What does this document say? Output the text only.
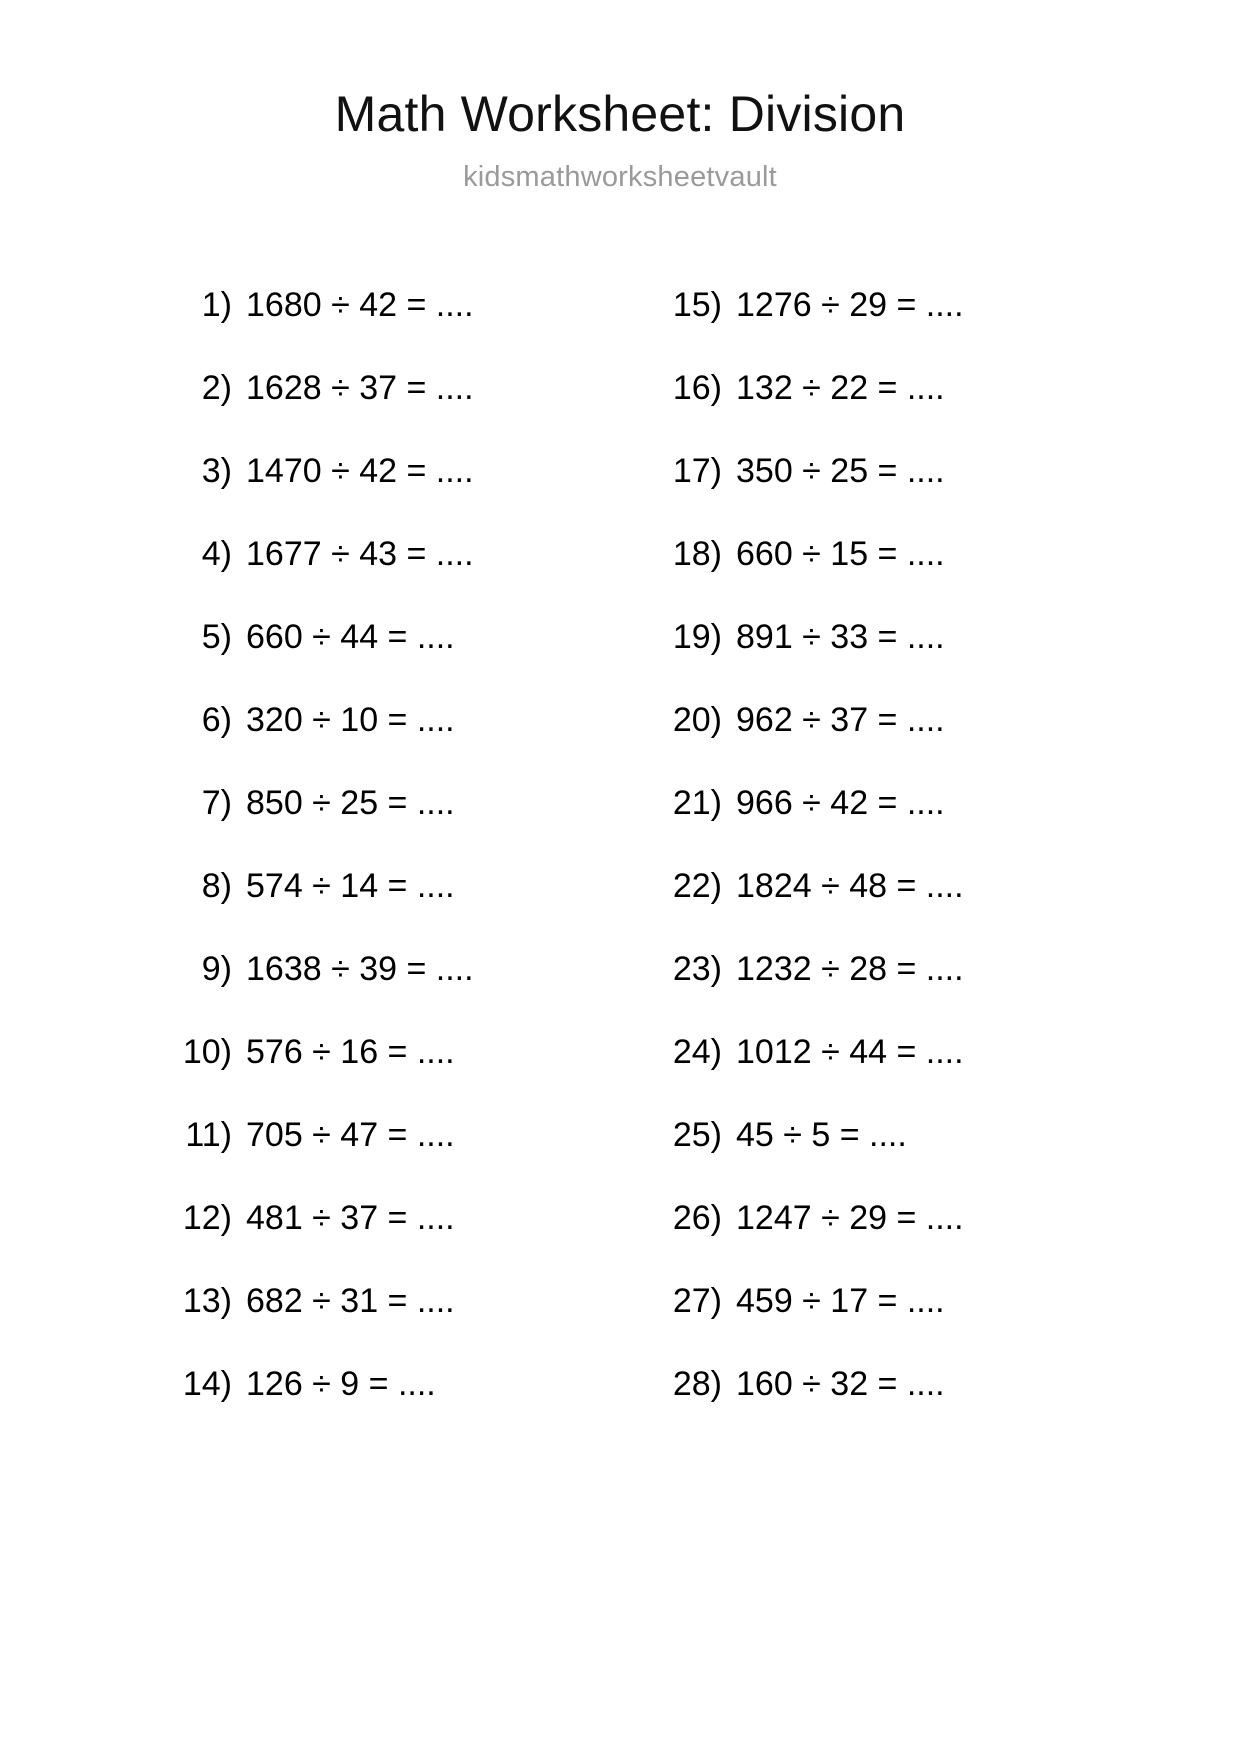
Math Worksheet: Division
kidsmathworksheetvault
1) 1680 ÷ 42 = ....
2) 1628 ÷ 37 = ....
3) 1470 ÷ 42 = ....
4) 1677 ÷ 43 = ....
5) 660 ÷ 44 = ....
6) 320 ÷ 10 = ....
7) 850 ÷ 25 = ....
8) 574 ÷ 14 = ....
9) 1638 ÷ 39 = ....
10) 576 ÷ 16 = ....
11) 705 ÷ 47 = ....
12) 481 ÷ 37 = ....
13) 682 ÷ 31 = ....
14) 126 ÷ 9 = ....
15) 1276 ÷ 29 = ....
16) 132 ÷ 22 = ....
17) 350 ÷ 25 = ....
18) 660 ÷ 15 = ....
19) 891 ÷ 33 = ....
20) 962 ÷ 37 = ....
21) 966 ÷ 42 = ....
22) 1824 ÷ 48 = ....
23) 1232 ÷ 28 = ....
24) 1012 ÷ 44 = ....
25) 45 ÷ 5 = ....
26) 1247 ÷ 29 = ....
27) 459 ÷ 17 = ....
28) 160 ÷ 32 = ....
